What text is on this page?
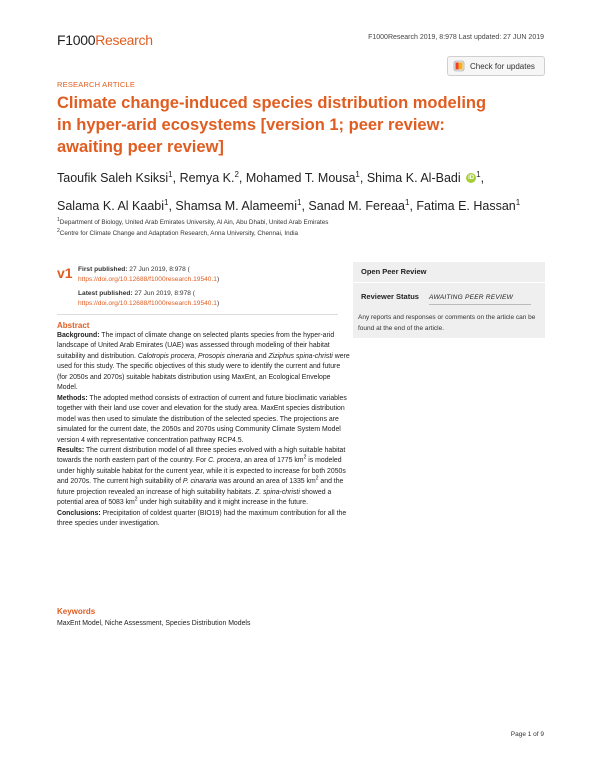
F1000 Research	F1000Research 2019, 8:978 Last updated: 27 JUN 2019
Check for updates
RESEARCH ARTICLE
Climate change-induced species distribution modeling in hyper-arid ecosystems [version 1; peer review: awaiting peer review]
Taoufik Saleh Ksiksi$^1$, Remya K.$^2$, Mohamed T. Mousa$^1$, Shima K. Al-Badi iD $^1$,
Salama K. Al Kaabi$^1$, Shamsa M. Alameemi$^1$, Sanad M. Fereaa$^1$, Fatima E. Hassan$^1$
$^1$Department of Biology, United Arab Emirates University, Al Ain, Abu Dhabi, United Arab Emirates
$^2$Centre for Climate Change and Adaptation Research, Anna University, Chennai, India
v1 First published: 27 Jun 2019, 8:978 (
https://doi.org/10.12688/f1000research.19540.1)
Latest published: 27 Jun 2019, 8:978 (
https://doi.org/10.12688/f1000research.19540.1)
Open Peer Review
Reviewer Status AWAITING PEER REVIEW
Any reports and responses or comments on the article can be found at the end of the article.
Abstract
Background: The impact of climate change on selected plants species from the hyper-arid landscape of United Arab Emirates (UAE) was assessed through modeling of their habitat suitability and distribution. Calotropis procera, Prosopis cineraria and Ziziphus spina-christi were used for this study. The specific objectives of this study were to identify the current and future (for 2050s and 2070s) suitable habitats distribution using MaxEnt, an Ecological Envelope Model.
Methods: The adopted method consists of extraction of current and future bioclimatic variables together with their land use cover and elevation for the study area. MaxEnt species distribution model was then used to simulate the distribution of the selected species. The projections are simulated for the current date, the 2050s and 2070s using Community Climate System Model version 4 with representative concentration pathway RCP4.5.
Results: The current distribution model of all three species evolved with a high suitable habitat towards the north eastern part of the country. For C. procera, an area of 1775 $km^2$ is modeled under highly suitable habitat for the current year, while it is expected to increase for both 2050s and 2070s. The current high suitability of P. cinararia was around an area of 1335 $km^2$ and the future projection revealed an increase of high suitability habitats. Z. spina-christi showed a potential area of 5083 $km^2$ under high suitability and it might increase in the future.
Conclusions: Precipitation of coldest quarter (BIO19) had the maximum contribution for all the three species under investigation.
Keywords
MaxEnt Model, Niche Assessment, Species Distribution Models
Page 1 of 9
